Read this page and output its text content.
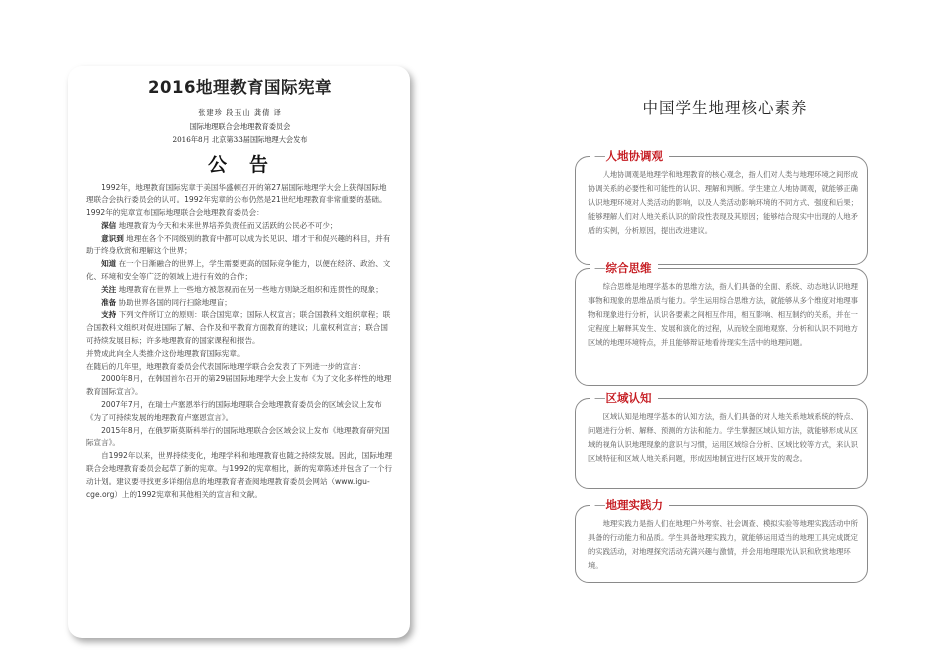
2016地理教育国际宪章
张建珍 段玉山 龚倩 译
国际地理联合会地理教育委员会
2016年8月 北京第33届国际地理大会发布
公告

1992年，地理教育国际宪章于美国华盛顿召开的第27届国际地理学大会上获得国际地理联合会执行委员会的认可。1992年宪章的公布仍然是21世纪地理教育非常重要的基础。1992年的宪章宣布国际地理联合会地理教育委员会：

深信 地理教育为今天和未来世界培养负责任而又活跃的公民必不可少；

意识到 地理在各个不同级别的教育中都可以成为长见识、增才干和促兴趣的科目，并有助于终身欣赏和理解这个世界；

知道 在一个日渐融合的世界上，学生需要更高的国际竞争能力，以便在经济、政治、文化、环境和安全等广泛的领域上进行有效的合作；

关注 地理教育在世界上一些地方被忽视而在另一些地方则缺乏组织和连贯性的现象；

准备 协助世界各国的同行扫除地理盲；

支持 下列文件所订立的原则：联合国宪章；国际人权宣言；联合国教科文组织章程；联合国教科文组织对促进国际了解、合作及和平教育方面教育的建议；儿童权利宣言；联合国可持续发展目标；许多地理教育的国家课程和报告。

并赞成此向全人类推介这份地理教育国际宪章。

在随后的几年里，地理教育委员会代表国际地理学联合会发表了下列进一步的宣言：

2000年8月，在韩国首尔召开的第29届国际地理学大会上发布《为了文化多样性的地理教育国际宣言》。

2007年7月，在瑞士卢塞恩举行的国际地理联合会地理教育委员会的区域会议上发布《为了可持续发展的地理教育卢塞恩宣言》。

2015年8月，在俄罗斯莫斯科举行的国际地理联合会区域会议上发布《地理教育研究国际宣言》。

自1992年以来，世界持续变化，地理学科和地理教育也随之持续发展。因此，国际地理联合会地理教育委员会起草了新的宪章。与1992的宪章相比，新的宪章陈述并包含了一个行动计划。建议要寻找更多详细信息的地理教育者查阅地理教育委员会网站（www.igu-cge.org）上的1992宪章和其他相关的宣言和文献。

中国学生地理核心素养
—人地协调观

人地协调观是地理学和地理教育的核心观念，指人们对人类与地理环境之间形成协调关系的必要性和可能性的认识、理解和判断。学生建立人地协调观，就能够正确认识地理环境对人类活动的影响，以及人类活动影响环境的不同方式、强度和后果；能够理解人们对人地关系认识的阶段性表现及其原因；能够结合现实中出现的人地矛盾的实例，分析原因，提出改进建议。

—综合思维

综合思维是地理学基本的思维方法，指人们具备的全面、系统、动态地认识地理事物和现象的思维品质与能力。学生运用综合思维方法，就能够从多个维度对地理事物和现象进行分析，认识各要素之间相互作用，相互影响、相互制约的关系，并在一定程度上解释其发生、发展和演化的过程，从而较全面地观察、分析和认识不同地方区域的地理环境特点，并且能够辩证地看待现实生活中的地理问题。

—区域认知

区域认知是地理学基本的认知方法，指人们具备的对人地关系地域系统的特点、问题进行分析、解释、预测的方法和能力。学生掌握区域认知方法，就能够形成从区域的视角认识地理现象的意识与习惯，运用区域综合分析、区域比较等方式，来认识区域特征和区域人地关系问题，形成因地制宜进行区域开发的观念。

—地理实践力

地理实践力是指人们在地理户外考察、社会调查、模拟实验等地理实践活动中所具备的行动能力和品质。学生具备地理实践力，就能够运用适当的地理工具完成既定的实践活动，对地理探究活动充满兴趣与激情，并会用地理眼光认识和欣赏地理环境。
